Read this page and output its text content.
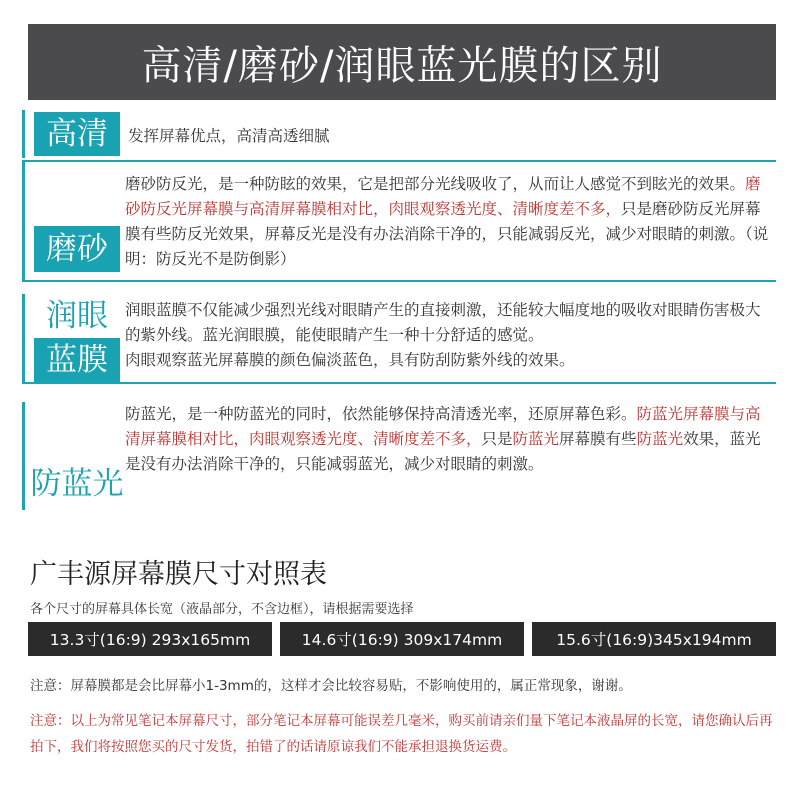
高清/磨砂/润眼蓝光膜的区别
高清	发挥屏幕优点，高清高透细腻
磨砂
磨砂防反光，是一种防眩的效果，它是把部分光线吸收了，从而让人感觉不到眩光的效果。磨砂防反光屏幕膜与高清屏幕膜相对比，肉眼观察透光度、清晰度差不多，只是磨砂防反光屏幕膜有些防反光效果，屏幕反光是没有办法消除干净的，只能减弱反光，减少对眼睛的刺激。（说明：防反光不是防倒影）
润眼
蓝膜
润眼蓝膜不仅能减少强烈光线对眼睛产生的直接刺激，还能较大幅度地的吸收对眼睛伤害极大的紫外线。蓝光润眼膜，能使眼睛产生一种十分舒适的感觉。
肉眼观察蓝光屏幕膜的颜色偏淡蓝色，具有防刮防紫外线的效果。
防蓝光
防蓝光，是一种防蓝光的同时，依然能够保持高清透光率，还原屏幕色彩。防蓝光屏幕膜与高清屏幕膜相对比，肉眼观察透光度、清晰度差不多，只是防蓝光屏幕膜有些防蓝光效果，蓝光是没有办法消除干净的，只能减弱蓝光，减少对眼睛的刺激。
广丰源屏幕膜尺寸对照表
各个尺寸的屏幕具体长宽（液晶部分，不含边框），请根据需要选择
13.3寸(16:9) 293x165mm	14.6寸(16:9) 309x174mm	15.6寸(16:9)345x194mm
注意：屏幕膜都是会比屏幕小1-3mm的，这样才会比较容易贴，不影响使用的，属正常现象，谢谢。
注意：以上为常见笔记本屏幕尺寸，部分笔记本屏幕可能误差几毫米，购买前请亲们量下笔记本液晶屏的长宽，请您确认后再拍下，我们将按照您买的尺寸发货，拍错了的话请原谅我们不能承担退换货运费。
